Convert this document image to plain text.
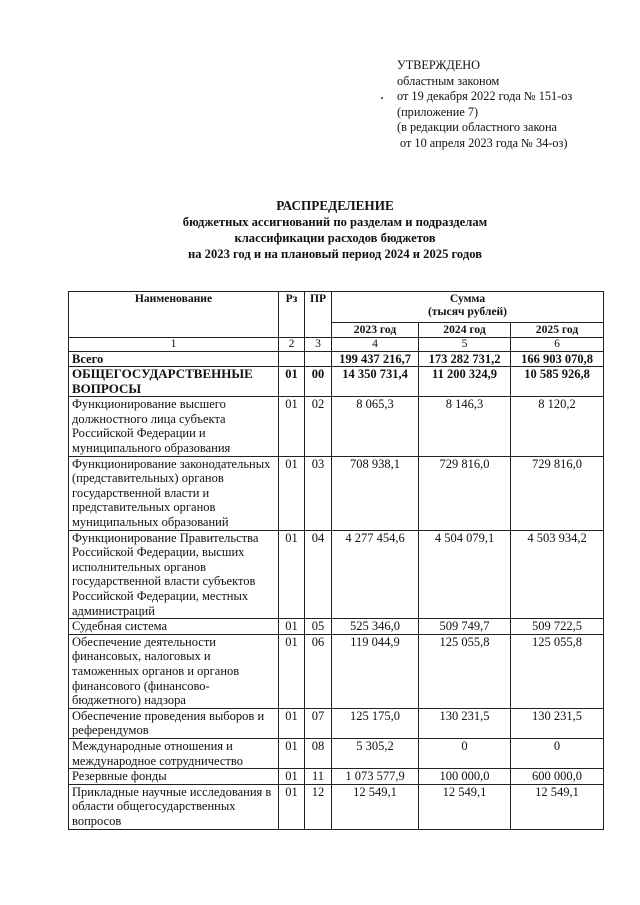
УТВЕРЖДЕНО
областным законом
от 19 декабря 2022 года № 151-оз
(приложение 7)
(в редакции областного закона
от 10 апреля 2023 года № 34-оз)
РАСПРЕДЕЛЕНИЕ
бюджетных ассигнований по разделам и подразделам
классификации расходов бюджетов
на 2023 год и на плановый период 2024 и 2025 годов
Наименование	Рз	ПР	Сумма
(тысяч рублей)		

			2023 год	2024 год	2025 год
1	2	3	4	5	6
Всего			199 437 216,7	173 282 731,2	166 903 070,8
ОБЩЕГОСУДАРСТВЕННЫЕ ВОПРОСЫ	01	00	14 350 731,4	11 200 324,9	10 585 926,8
Функционирование высшего должностного лица субъекта Российской Федерации и муниципального образования	01	02	8 065,3	8 146,3	8 120,2
Функционирование законодательных (представительных) органов государственной власти и представительных органов муниципальных образований	01	03	708 938,1	729 816,0	729 816,0
Функционирование Правительства Российской Федерации, высших исполнительных органов государственной власти субъектов Российской Федерации, местных администраций	01	04	4 277 454,6	4 504 079,1	4 503 934,2
Судебная система	01	05	525 346,0	509 749,7	509 722,5
Обеспечение деятельности финансовых, налоговых и таможенных органов и органов финансового (финансово-бюджетного) надзора	01	06	119 044,9	125 055,8	125 055,8
Обеспечение проведения выборов и референдумов	01	07	125 175,0	130 231,5	130 231,5
Международные отношения и международное сотрудничество	01	08	5 305,2	0	0
Резервные фонды	01	11	1 073 577,9	100 000,0	600 000,0
Прикладные научные исследования в области общегосударственных вопросов	01	12	12 549,1	12 549,1	12 549,1
